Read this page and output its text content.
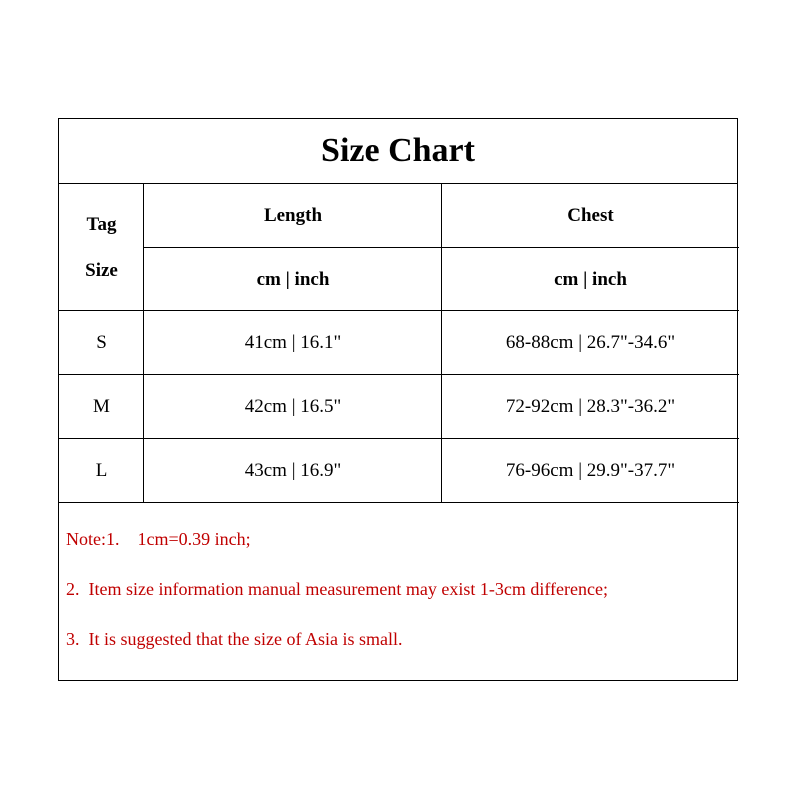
Size Chart
Tag
Size
Length	Chest
cm | inch	cm | inch
S	41cm | 16.1"	68-88cm | 26.7"-34.6"
M	42cm | 16.5"	72-92cm | 28.3"-36.2"
L	43cm | 16.9"	76-96cm | 29.9"-37.7"
Note:1.    1cm=0.39 inch;
2.  Item size information manual measurement may exist 1-3cm difference;
3.  It is suggested that the size of Asia is small.
